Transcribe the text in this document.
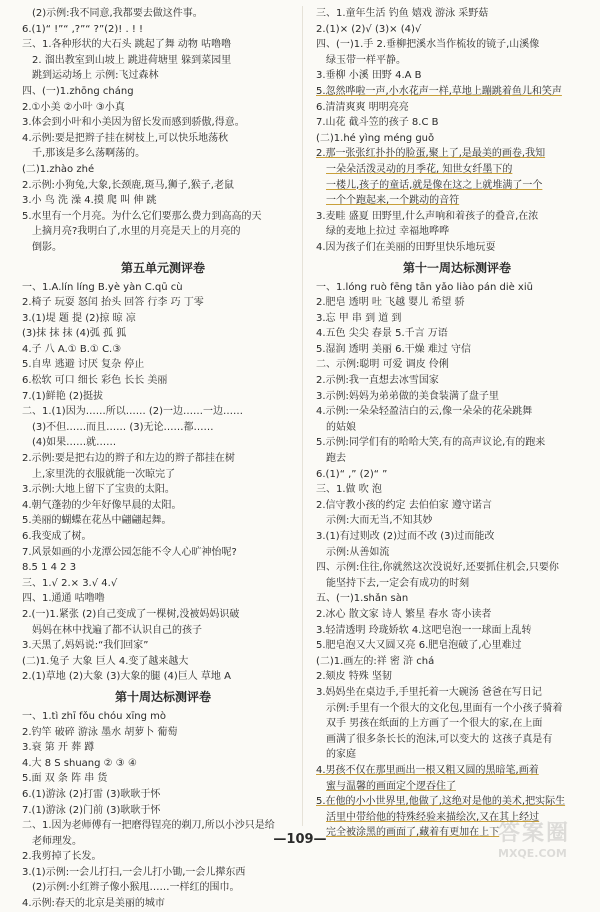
(2)示例:我不同意,我都要去做这件事。
6.(1)“ !”“ ,?”“ ?”(2)! . ! !
三、1.各种形状的大石头 跳起了舞 动物 咕噜噜
2. 溜出教室到山坡上 跳进荷塘里 躲到菜园里
跳到运动场上 示例:飞过森林
四、(一)1.zhōng cháng
2.①小美 ②小叶 ③小真
3.体会到小叶和小美因为留长发而感到骄傲,得意。
4.示例:要是把辫子挂在树枝上,可以快乐地荡秋
千,那该是多么荡啊荡的。
(二)1.zhào zhé
2.示例:小狗兔,大象,长颈鹿,斑马,狮子,猴子,老鼠
3.小 鸟 洗 澡 4.摸 爬 叫 伸 跳
5.水里有一个月亮。为什么它们要那么费力到高高的天
上摘月亮?我明白了,水里的月亮是天上的月亮的
倒影。
第五单元测评卷
一、1.A.lín líng B.yè yàn C.qū cù
2.椅子 玩耍 怒闰 抬头 回答 行李 巧 丁零
3.(1)堤 题 提 (2)掠 晾 凉
(3)抹 抹 抹 (4)弧 孤 狐
4.子 八 A.① B.① C.③
5.自卑 逃避 讨厌 复杂 停止
6.松软 可口 细长 彩色 长长 美丽
7.(1)鲜艳 (2)挺拔
二、1.(1)因为……所以…… (2)一边……一边……
(3)不但……而且…… (3)无论……都……
(4)如果……就……
2.示例:要是把右边的辫子和左边的辫子都挂在树
上,家里洗的衣服就能一次晾完了
3.示例:大地上留下了宝贵的太阳。
4.朝气蓬勃的少年好像早晨的太阳。
5.美丽的蝴蝶在花丛中翩翩起舞。
6.我变成了树。
7.风景如画的小龙潭公园怎能不令人心旷神怡呢?
8.5 1 4 2 3
三、1.√ 2.× 3.√ 4.√
四、1.通通 咕噜噜
2.(一)1.紧张 (2)自己变成了一棵树,没被妈妈识破
妈妈在林中找遍了都不认识自己的孩子
3.天黑了,妈妈说:“我们回家”
(二)1.兔子 大象 巨人 4.变了越来越大
2.(1)草地 (2)大象 (3)大象的腿 (4)巨人 草地 A
第十周达标测评卷
一、1.tì zhī fǒu chóu xīng mò
2.钓竿 破碎 游泳 墨水 胡萝卜 葡萄
3.衰 第 开 葬 蹲
4.大 8 S shuang ② ③ ④
5.面 双 条 阵 串 货
6.(1)游泳 (2)打雷 (3)耿耿于怀
7.(1)游泳 (2)门前 (3)耿耿于怀
二、1.因为老师傅有一把磨得锃亮的剃刀,所以小沙只是给
老师理发。
2.我剪掉了长发。
3.(1)示例:一会儿打扫,一会儿打小锄,一会儿撵东西
(2)示例:小红辫子像小猴甩……一样红的围巾。
4.示例:春天的北京是美丽的城市
三、1.童年生活 钓鱼 嬉戏 游泳 采野菇
2.(1)× (2)√ (3)× (4)√
四、(一)1.手 2.垂柳把溪水当作梳妆的镜子,山溪像
绿玉带一样平静。
3.垂柳 小溪 田野 4.A B
5.忽然哗啦一声,小水花声一样,草地上蹦跳着鱼儿和笑声
6.清清爽爽 明明亮亮
7.山花 截斗笠的孩子 8.C B
(二)1.hé yìng méng guǒ
2.那一张张红扑扑的脸蛋,聚上了,是最美的画卷,我知
一朵朵活泼灵动的月季花, 知世女纤墨下的
一楼儿,孩子的童话,就是像在这之上就堆满了一个
一个个跑起来,一个跳动的音符
3.麦畦 盛夏 田野里,什么声响和着孩子的叠音,在浓
绿的麦地上拉过 幸福地哗哗
4.因为孩子们在美丽的田野里快乐地玩耍
第十一周达标测评卷
一、1.lóng ruò fēng tān yǎo liào pán diè xiū
2.肥皂 透明 吐 飞越 婴儿 希望 骄
3.忘 甲 串 到 道 到
4.五色 尖尖 春景 5.千言 万语
5.湿润 透明 美丽 6.干燥 难过 守信
二、示例:聪明 可爱 调皮 伶俐
2.示例:我一直想去冰雪国家
3.示例:妈妈为弟弟做的美食装满了盘子里
4.示例:一朵朵轻盈洁白的云,像一朵朵的花朵跳舞
的姑娘
5.示例:同学们有的哈哈大笑,有的高声议论,有的跑来
跑去
6.(1)“ ,” (2)“ ”
三、1.做 吹 泡
2.信守教小孩的约定 去伯伯家 遵守诺言
示例:大而无当,不知其妙
3.(1)有过则改 (2)过而不改 (3)过而能改
示例:从善如流
四、示例:住往,你就然这次没说好,还要抓住机会,只要你
能坚持下去,一定会有成功的时刻
五、(一)1.shǎn sàn
2.冰心 散文家 诗人 繁星 春水 寄小读者
3.轻清透明 玲珑娇软 4.这吧皂泡一一球面上乱转
5.肥皂泡又大又圆又亮 6.肥皂泡破了,心里难过
(二)1.画左的:祥 密 浒 chá
2.颏皮 特殊 坚韧
3.妈妈坐在桌边手,手里托着一大碗汤 爸爸在写日记
示例:手里有一个很大的文化包,里面有一个小孩子骑着
双手 男孩在纸面的上方画了一个很大的家,在上面
画满了很多条长长的泡沫,可以变大的 这孩子真是有
的家庭
4.男孩不仅在那里画出一根又粗又圆的黑暗笔,画着
蜜与温馨的画面定个逻吞住了
5.在他的小小世界里,他做了,这绝对是他的美术,把实际生
活里中带给他的特殊经验来描绘次,又在其上经过
完全被涂黑的画面了,藏着有更加在上下
—109—	答案圈
MXQE.COM
